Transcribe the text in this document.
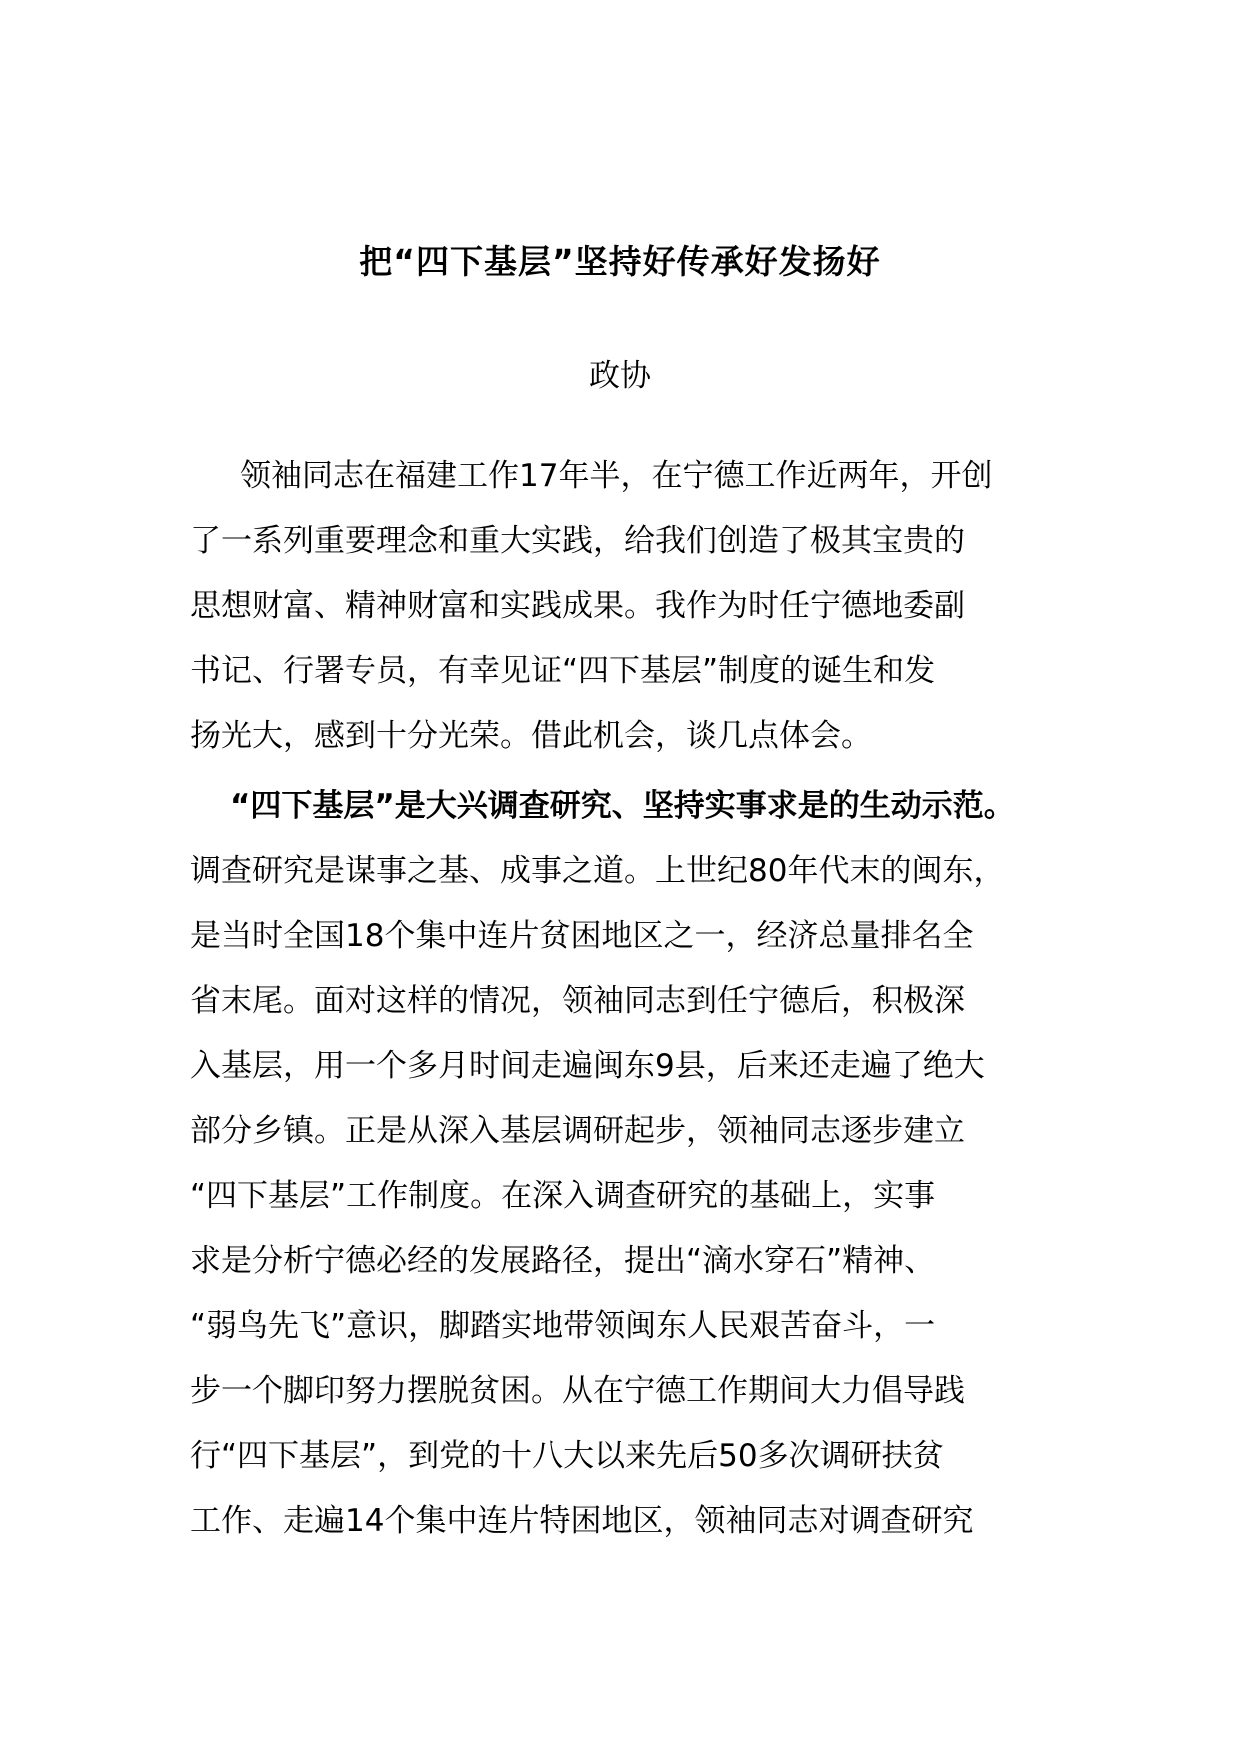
把“四下基层”坚持好传承好发扬好
政协
领袖同志在福建工作17年半，在宁德工作近两年，开创
了一系列重要理念和重大实践，给我们创造了极其宝贵的
思想财富、精神财富和实践成果。我作为时任宁德地委副
书记、行署专员，有幸见证“四下基层”制度的诞生和发
扬光大，感到十分光荣。借此机会，谈几点体会。
“四下基层”是大兴调查研究、坚持实事求是的生动示范。
调查研究是谋事之基、成事之道。上世纪80年代末的闽东，
是当时全国18个集中连片贫困地区之一，经济总量排名全
省末尾。面对这样的情况，领袖同志到任宁德后，积极深
入基层，用一个多月时间走遍闽东9县，后来还走遍了绝大
部分乡镇。正是从深入基层调研起步，领袖同志逐步建立
“四下基层”工作制度。在深入调查研究的基础上，实事
求是分析宁德必经的发展路径，提出“滴水穿石”精神、
“弱鸟先飞”意识，脚踏实地带领闽东人民艰苦奋斗，一
步一个脚印努力摆脱贫困。从在宁德工作期间大力倡导践
行“四下基层”，到党的十八大以来先后50多次调研扶贫
工作、走遍14个集中连片特困地区，领袖同志对调查研究
